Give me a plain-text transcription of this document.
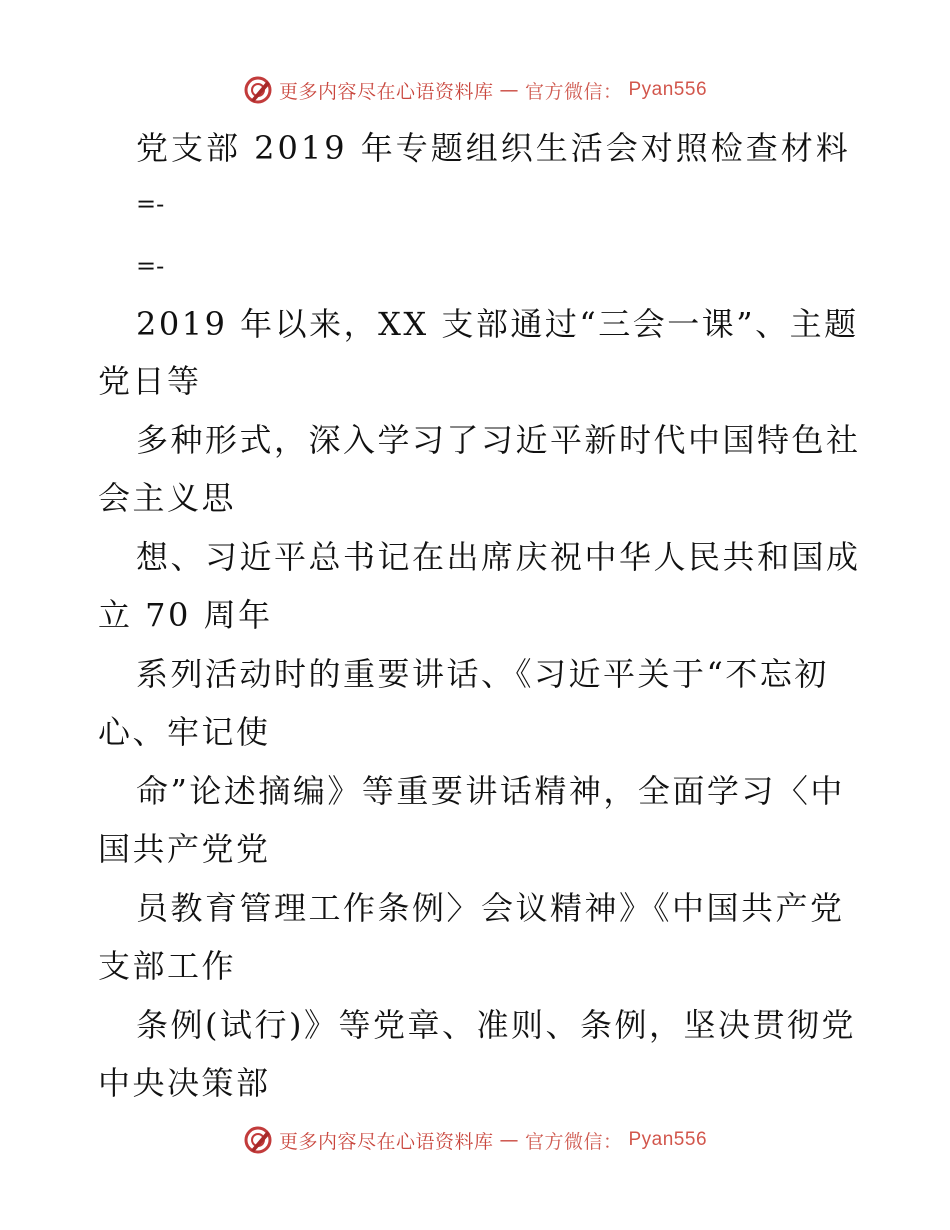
更多内容尽在心语资料库 — 官方微信： Pyan556
党支部 2019 年专题组织生活会对照检查材料
=-
=-
2019 年以来，XX 支部通过“三会一课”、主题
党日等
多种形式，深入学习了习近平新时代中国特色社
会主义思
想、习近平总书记在出席庆祝中华人民共和国成
立 70 周年
系列活动时的重要讲话、《习近平关于“不忘初
心、牢记使
命”论述摘编》等重要讲话精神，全面学习〈中
国共产党党
员教育管理工作条例〉会议精神》《中国共产党
支部工作
条例(试行)》等党章、准则、条例，坚决贯彻党
中央决策部
更多内容尽在心语资料库 — 官方微信： Pyan556
